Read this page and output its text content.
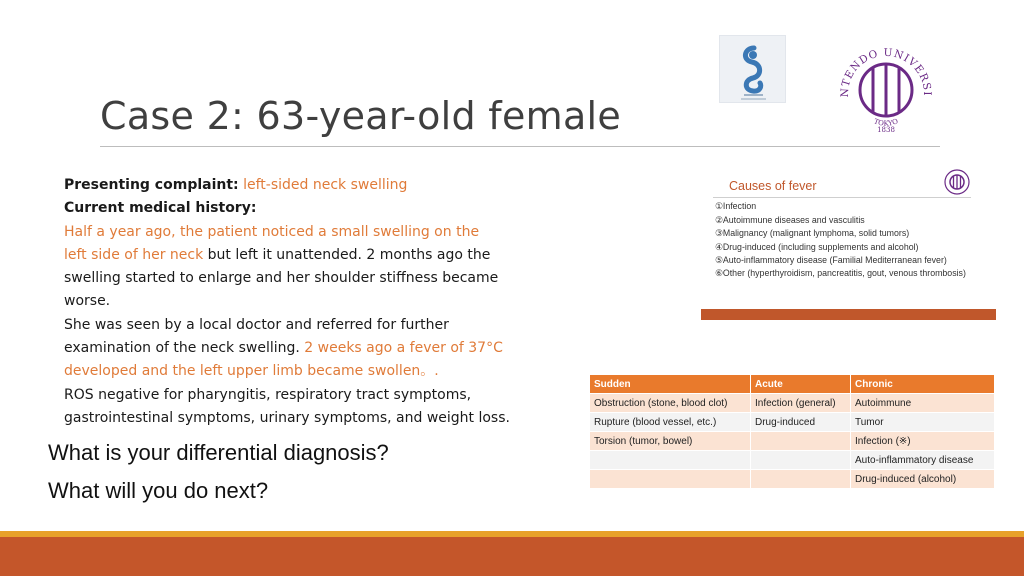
NTENDO UNIVERSI
TOKYO
1838
Case 2: 63-year-old female
Presenting complaint: left-sided neck swelling
Current medical history:
Half a year ago, the patient noticed a small swelling on the
left side of her neck but left it unattended. 2 months ago the
swelling started to enlarge and her shoulder stiffness became
worse.
She was seen by a local doctor and referred for further
examination of the neck swelling. 2 weeks ago a fever of 37°C
developed and the left upper limb became swollen。.
ROS negative for pharyngitis, respiratory tract symptoms,
gastrointestinal symptoms, urinary symptoms, and weight loss.
What is your differential diagnosis?
What will you do next?
Causes of fever
①Infection
②Autoimmune diseases and vasculitis
③Malignancy (malignant lymphoma, solid tumors)
④Drug-induced (including supplements and alcohol)
⑤Auto-inflammatory disease (Familial Mediterranean fever)
⑥Other (hyperthyroidism, pancreatitis, gout, venous thrombosis)
Sudden	Acute	Chronic
Obstruction (stone, blood clot)	Infection (general)	Autoimmune
Rupture (blood vessel, etc.)	Drug-induced	Tumor
Torsion (tumor, bowel)		Infection (※)
		Auto-inflammatory disease
		Drug-induced (alcohol)
